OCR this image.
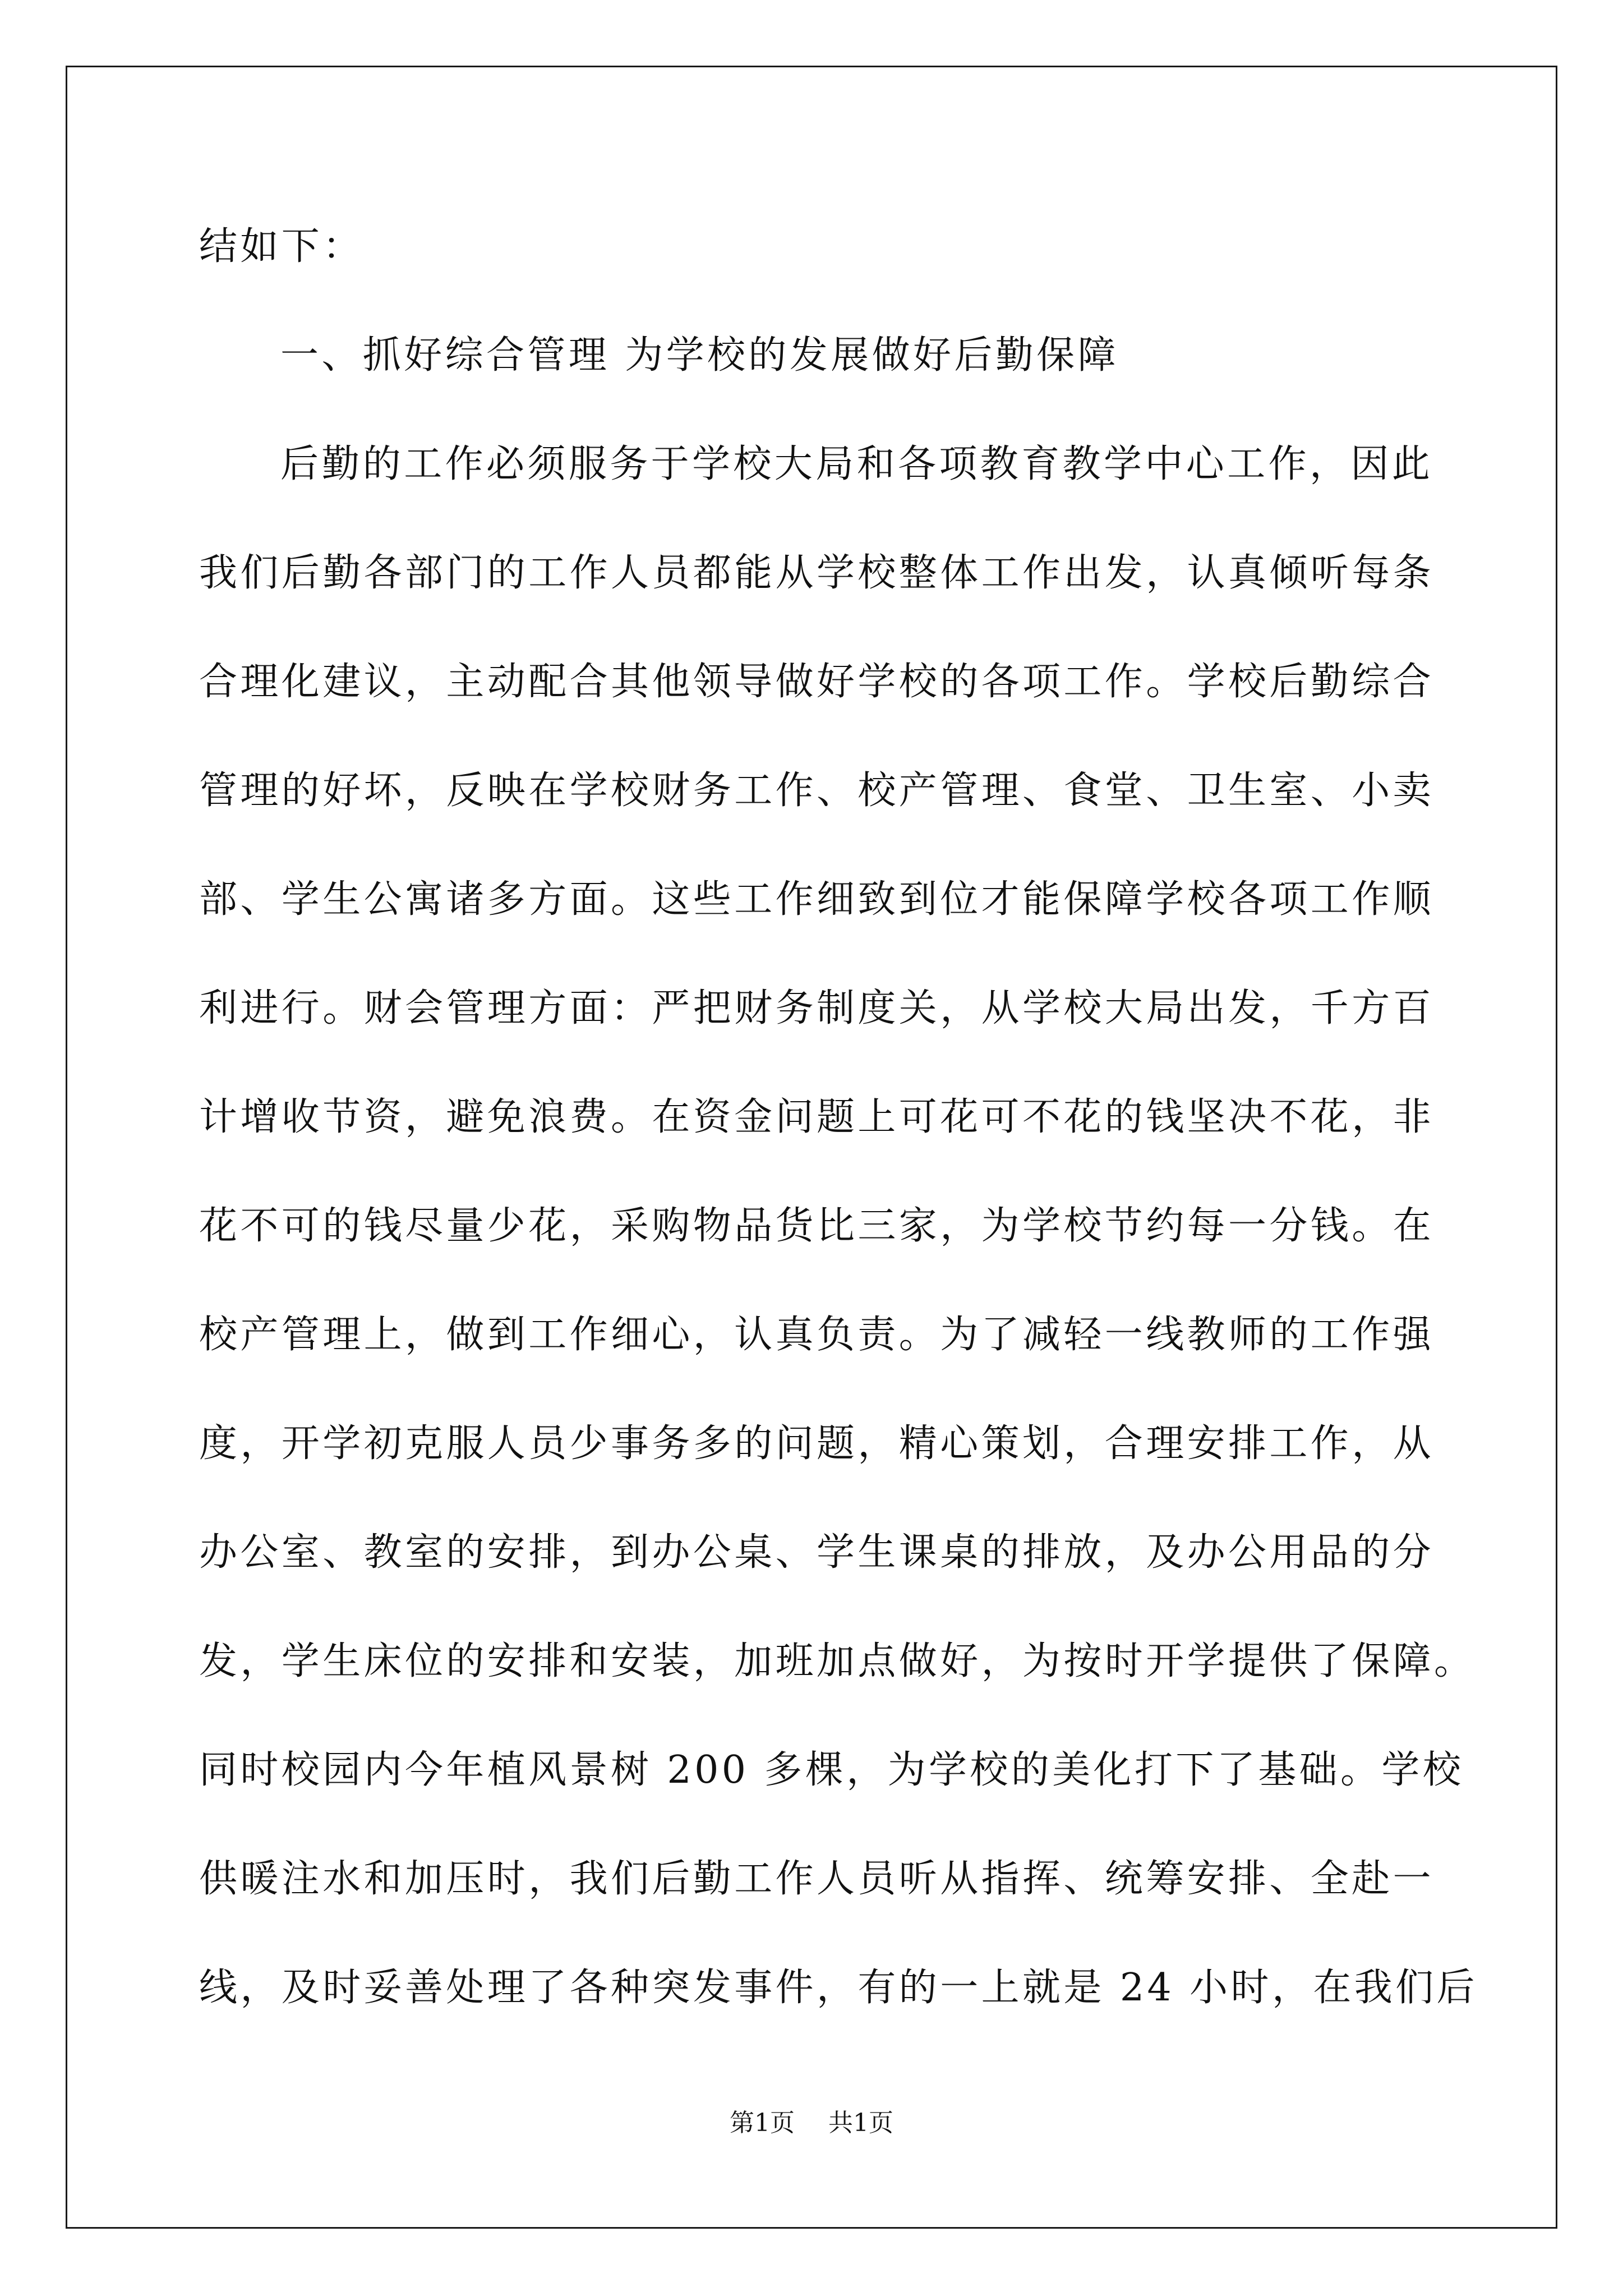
结如下：
一、抓好综合管理 为学校的发展做好后勤保障
后勤的工作必须服务于学校大局和各项教育教学中心工作，因此
我们后勤各部门的工作人员都能从学校整体工作出发，认真倾听每条
合理化建议，主动配合其他领导做好学校的各项工作。学校后勤综合
管理的好坏，反映在学校财务工作、校产管理、食堂、卫生室、小卖
部、学生公寓诸多方面。这些工作细致到位才能保障学校各项工作顺
利进行。财会管理方面：严把财务制度关，从学校大局出发，千方百
计增收节资，避免浪费。在资金问题上可花可不花的钱坚决不花，非
花不可的钱尽量少花，采购物品货比三家，为学校节约每一分钱。在
校产管理上，做到工作细心，认真负责。为了减轻一线教师的工作强
度，开学初克服人员少事务多的问题，精心策划，合理安排工作，从
办公室、教室的安排，到办公桌、学生课桌的排放，及办公用品的分
发，学生床位的安排和安装，加班加点做好，为按时开学提供了保障。
同时校园内今年植风景树 200 多棵，为学校的美化打下了基础。学校
供暖注水和加压时，我们后勤工作人员听从指挥、统筹安排、全赴一
线，及时妥善处理了各种突发事件，有的一上就是 24 小时，在我们后
第1页 共1页
